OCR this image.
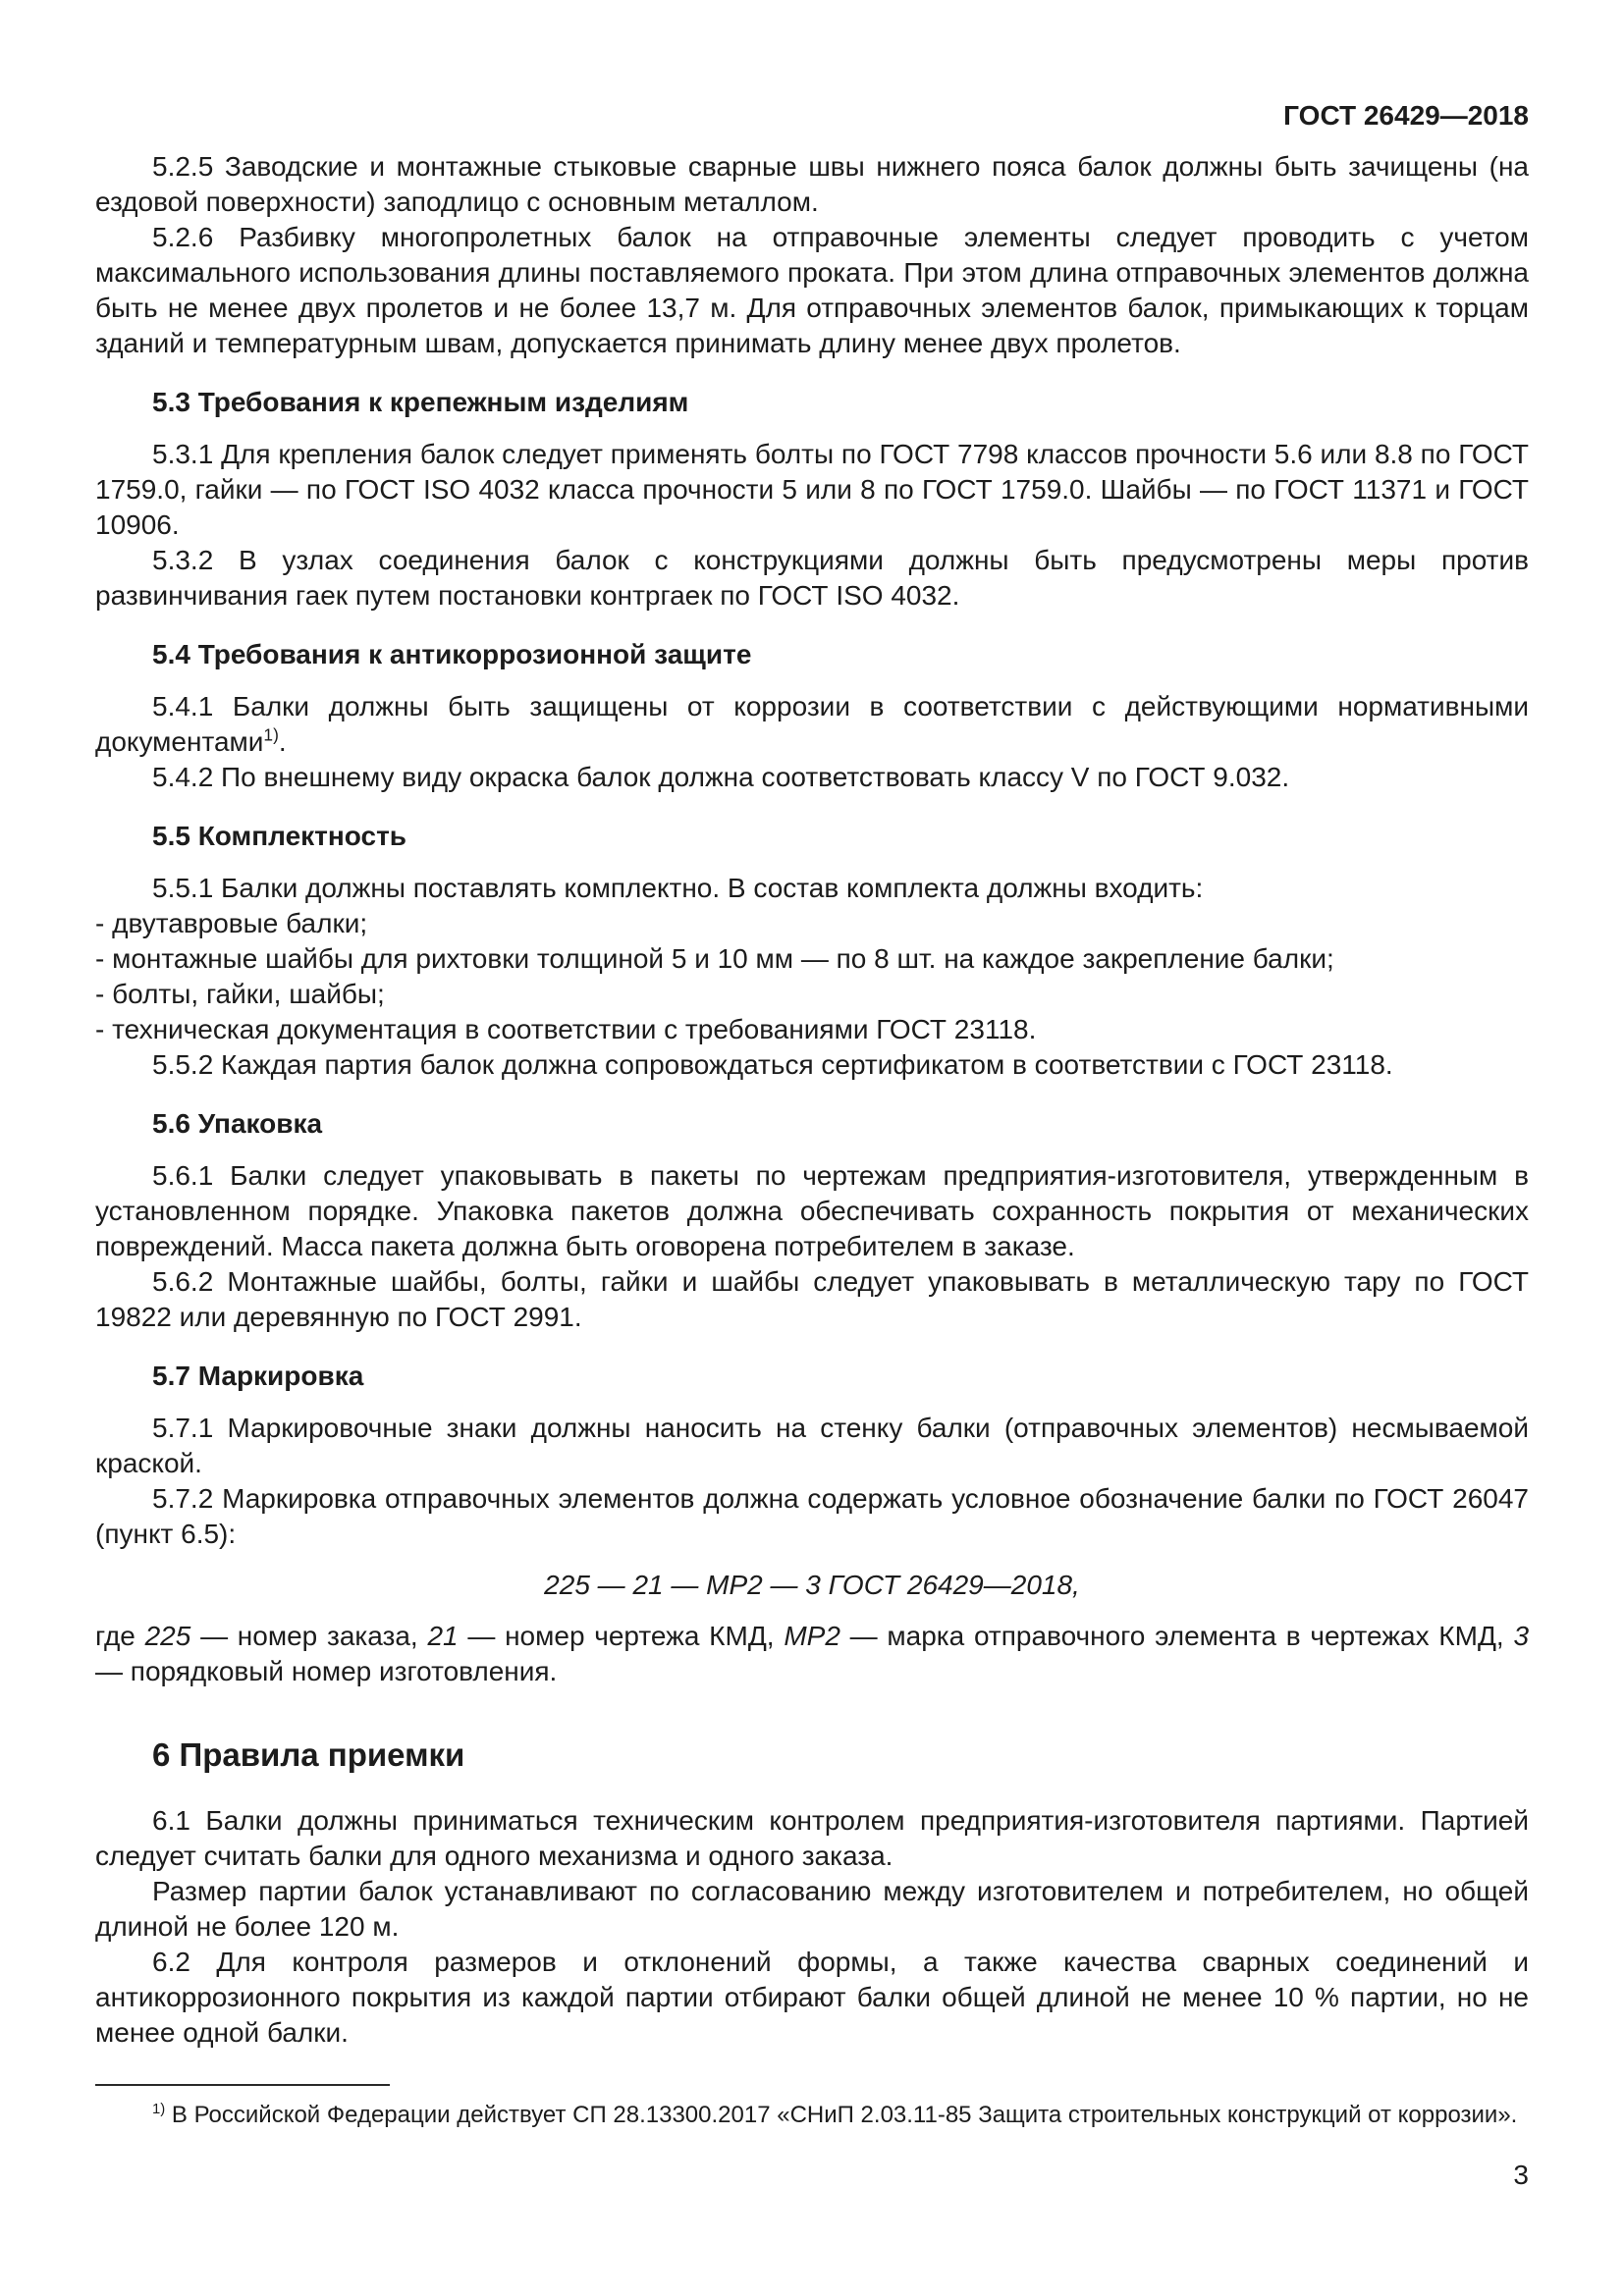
ГОСТ 26429—2018

5.2.5 Заводские и монтажные стыковые сварные швы нижнего пояса балок должны быть зачищены (на ездовой поверхности) заподлицо с основным металлом.

5.2.6 Разбивку многопролетных балок на отправочные элементы следует проводить с учетом максимального использования длины поставляемого проката. При этом длина отправочных элементов должна быть не менее двух пролетов и не более 13,7 м. Для отправочных элементов балок, примыкающих к торцам зданий и температурным швам, допускается принимать длину менее двух пролетов.

5.3 Требования к крепежным изделиям

5.3.1 Для крепления балок следует применять болты по ГОСТ 7798 классов прочности 5.6 или 8.8 по ГОСТ 1759.0, гайки — по ГОСТ ISO 4032 класса прочности 5 или 8 по ГОСТ 1759.0. Шайбы — по ГОСТ 11371 и ГОСТ 10906.

5.3.2 В узлах соединения балок с конструкциями должны быть предусмотрены меры против развинчивания гаек путем постановки контргаек по ГОСТ ISO 4032.

5.4 Требования к антикоррозионной защите

5.4.1 Балки должны быть защищены от коррозии в соответствии с действующими нормативными документами$^{1)}$.

5.4.2 По внешнему виду окраска балок должна соответствовать классу V по ГОСТ 9.032.

5.5 Комплектность

5.5.1 Балки должны поставлять комплектно. В состав комплекта должны входить:

- двутавровые балки;

- монтажные шайбы для рихтовки толщиной 5 и 10 мм — по 8 шт. на каждое закрепление балки;

- болты, гайки, шайбы;

- техническая документация в соответствии с требованиями ГОСТ 23118.

5.5.2 Каждая партия балок должна сопровождаться сертификатом в соответствии с ГОСТ 23118.

5.6 Упаковка

5.6.1 Балки следует упаковывать в пакеты по чертежам предприятия-изготовителя, утвержденным в установленном порядке. Упаковка пакетов должна обеспечивать сохранность покрытия от механических повреждений. Масса пакета должна быть оговорена потребителем в заказе.

5.6.2 Монтажные шайбы, болты, гайки и шайбы следует упаковывать в металлическую тару по ГОСТ 19822 или деревянную по ГОСТ 2991.

5.7 Маркировка

5.7.1 Маркировочные знаки должны наносить на стенку балки (отправочных элементов) несмываемой краской.

5.7.2 Маркировка отправочных элементов должна содержать условное обозначение балки по ГОСТ 26047 (пункт 6.5):

225 — 21 — МР2 — 3 ГОСТ 26429—2018,

где 225 — номер заказа, 21 — номер чертежа КМД, МР2 — марка отправочного элемента в чертежах КМД, 3 — порядковый номер изготовления.

6 Правила приемки

6.1 Балки должны приниматься техническим контролем предприятия-изготовителя партиями. Партией следует считать балки для одного механизма и одного заказа.

Размер партии балок устанавливают по согласованию между изготовителем и потребителем, но общей длиной не более 120 м.

6.2 Для контроля размеров и отклонений формы, а также качества сварных соединений и антикоррозионного покрытия из каждой партии отбирают балки общей длиной не менее 10 % партии, но не менее одной балки.

$^{1)}$ В Российской Федерации действует СП 28.13300.2017 «СНиП 2.03.11-85 Защита строительных конструкций от коррозии».

3
